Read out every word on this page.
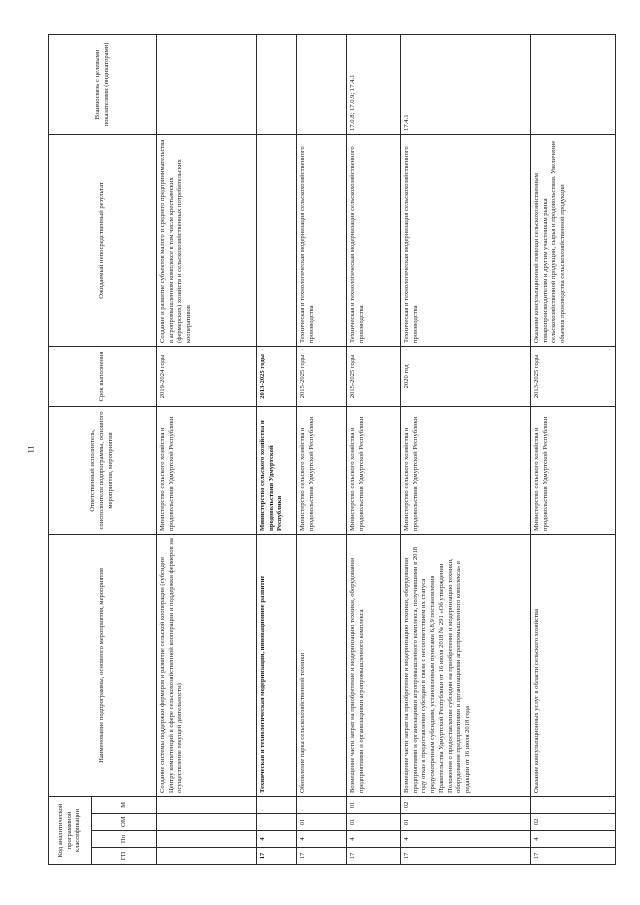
11
Код аналитической программной классификации				Наименование подпрограммы, основного мероприятия, мероприятия	Ответственный исполнитель, соисполнители подпрограммы, основного мероприятия, мероприятия	Срок выполнения	Ожидаемый непосредственный результат	Взаимосвязь с целевыми показателями (индикаторами)
ГП	Пп	ОМ	М					
				Создание системы поддержки фермеров и развитие сельской кооперации (субсидии Центру компетенций в сфере сельскохозяйственной кооперации и поддержки фермеров на осуществление текущей деятельности)	Министерство сельского хозяйства и продовольствия Удмуртской Республики	2019-2024 годы	Создание и развитие субъектов малого и среднего предпринимательства в агропромышленном комплексе в том числе крестьянских (фермерских) хозяйств и сельскохозяйственных потребительских кооперативов	
17	4			Техническая и технологическая модернизация, инновационное развитие	Министерство сельского хозяйства и продовольствия Удмуртской Республики	2013-2025 годы		
17	4	01		Обновление парка сельскохозяйственной техники	Министерство сельского хозяйства и продовольствия Удмуртской Республики	2015-2025 годы	Техническая и технологическая модернизация сельскохозяйственного производства	
17	4	01	01	Возмещение части затрат на приобретение и модернизацию техники, оборудования предприятиями и организациями агропромышленного комплекса	Министерство сельского хозяйства и продовольствия Удмуртской Республики	2015-2025 годы	Техническая и технологическая модернизация сельскохозяйственного производства	17.0.8; 17.0.9; 17.4.1
17	4	01	02	Возмещение части затрат на приобретение и модернизацию техники, оборудования предприятиями и организациями агропромышленного комплекса, получившими в 2018 году отказ в предоставлении субсидии в связи с несоответствием их статуса предусмотренным субсидиям, установленным пунктами 6,8,9 постановления Правительства Удмуртской Республики от 16 июля 2018 № 291 «Об утверждении Положения о предоставлении субсидии на приобретение и модернизацию техники, оборудования предприятиями и организациями агропромышленного комплекса» в редакции от 16 июля 2018 года	Министерство сельского хозяйства и продовольствия Удмуртской Республики	2020 год	Техническая и технологическая модернизация сельскохозяйственного производства	17.4.1
17	4	02		Оказание консультационных услуг в области сельского хозяйства	Министерство сельского хозяйства и продовольствия Удмуртской Республики	2013-2025 годы	Оказание консультационной помощи сельскохозяйственным товаропроизводителям и другим участникам рынка сельскохозяйственной продукции, сырья и продовольствия. Увеличение объемов производства сельскохозяйственной продукции	
